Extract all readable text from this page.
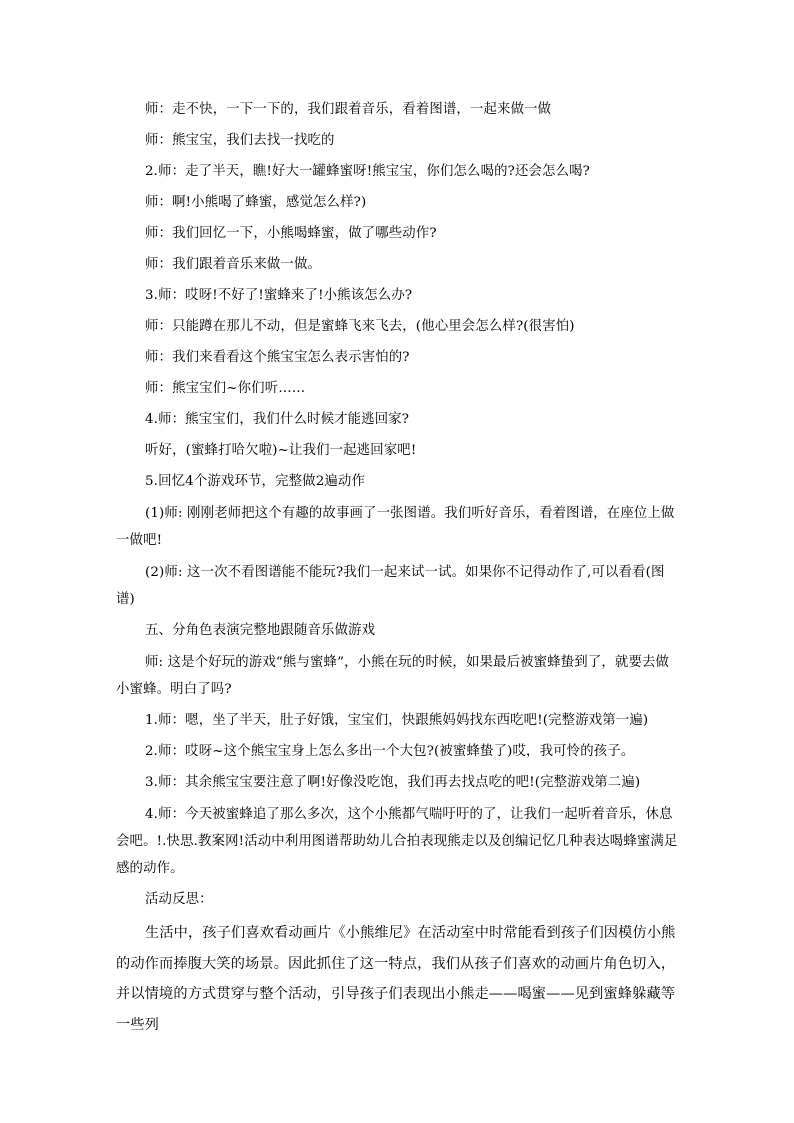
师：走不快，一下一下的，我们跟着音乐，看着图谱，一起来做一做

师：熊宝宝，我们去找一找吃的

2.师：走了半天，瞧!好大一罐蜂蜜呀!熊宝宝，你们怎么喝的?还会怎么喝?

师：啊!小熊喝了蜂蜜，感觉怎么样?)

师：我们回忆一下，小熊喝蜂蜜，做了哪些动作?

师：我们跟着音乐来做一做。

3.师：哎呀!不好了!蜜蜂来了!小熊该怎么办?

师：只能蹲在那儿不动，但是蜜蜂飞来飞去，(他心里会怎么样?(很害怕)

师：我们来看看这个熊宝宝怎么表示害怕的?

师：熊宝宝们~你们听……

4.师：熊宝宝们，我们什么时候才能逃回家?

听好，(蜜蜂打哈欠啦)~让我们一起逃回家吧!

5.回忆4个游戏环节，完整做2遍动作

(1)师: 刚刚老师把这个有趣的故事画了一张图谱。我们听好音乐，看着图谱，在座位上做一做吧!

(2)师: 这一次不看图谱能不能玩?我们一起来试一试。如果你不记得动作了,可以看看(图谱)

五、分角色表演完整地跟随音乐做游戏

师: 这是个好玩的游戏“熊与蜜蜂”，小熊在玩的时候，如果最后被蜜蜂蛰到了，就要去做小蜜蜂。明白了吗?

1.师：嗯，坐了半天，肚子好饿，宝宝们，快跟熊妈妈找东西吃吧!(完整游戏第一遍)

2.师：哎呀~这个熊宝宝身上怎么多出一个大包?(被蜜蜂蛰了)哎，我可怜的孩子。

3.师：其余熊宝宝要注意了啊!好像没吃饱，我们再去找点吃的吧!(完整游戏第二遍)

4.师：今天被蜜蜂追了那么多次，这个小熊都气喘吁吁的了，让我们一起听着音乐，休息会吧。!.快思.教案网!活动中利用图谱帮助幼儿合拍表现熊走以及创编记忆几种表达喝蜂蜜满足感的动作。

活动反思：

生活中，孩子们喜欢看动画片《小熊维尼》在活动室中时常能看到孩子们因模仿小熊的动作而捧腹大笑的场景。因此抓住了这一特点，我们从孩子们喜欢的动画片角色切入，并以情境的方式贯穿与整个活动，引导孩子们表现出小熊走——喝蜜——见到蜜蜂躲藏等一些列
